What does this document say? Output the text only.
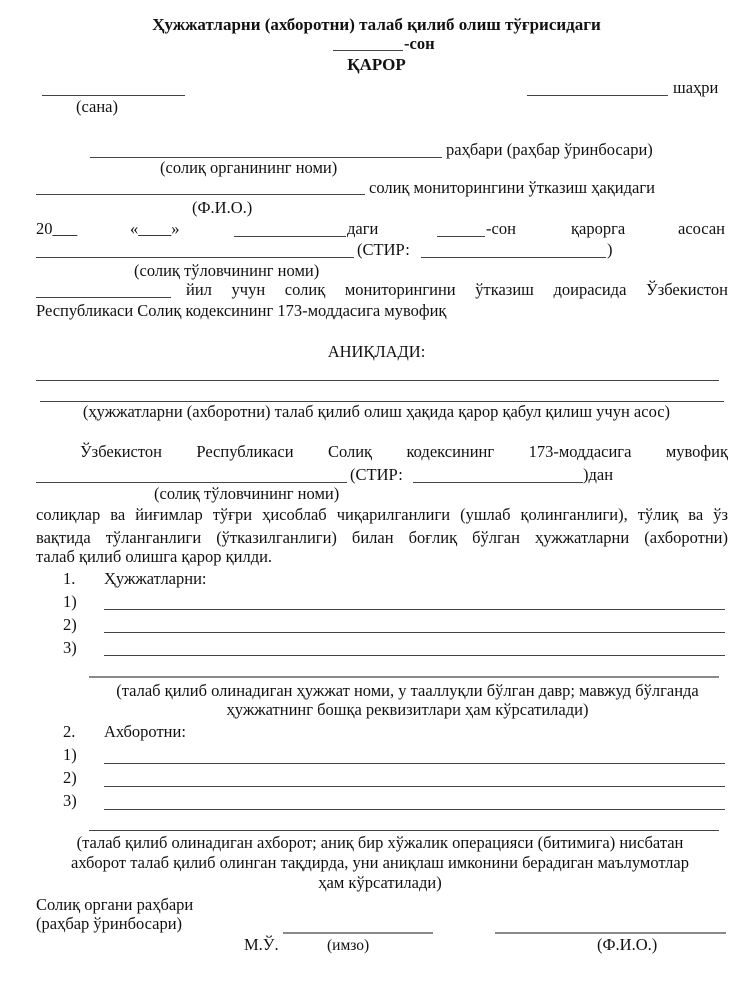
Ҳужжатларни (ахборотни) талаб қилиб олиш тўғрисидаги
-сон
ҚАРОР
(сана)
шаҳри
раҳбари (раҳбар ўринбосари)
(солиқ органининг номи)
солиқ мониторингини ўтказиш ҳақидаги
(Ф.И.О.)
20___	«____»	даги	-сон	қарорга	асосан
(СТИР:	)
(солиқ тўловчининг номи)
йил учун солиқ мониторингини ўтказиш доирасида Ўзбекистон
Республикаси Солиқ кодексининг 173-моддасига мувофиқ
АНИҚЛАДИ:
(ҳужжатларни (ахборотни) талаб қилиб олиш ҳақида қарор қабул қилиш учун асос)
Ўзбекистон Республикаси Солиқ кодексининг 173-моддасига мувофиқ
(СТИР:	)дан
(солиқ тўловчининг номи)
солиқлар ва йиғимлар тўғри ҳисоблаб чиқарилганлиги (ушлаб қолинганлиги), тўлиқ ва ўз
вақтида тўланганлиги (ўтказилганлиги) билан боғлиқ бўлган ҳужжатларни (ахборотни)
талаб қилиб олишга қарор қилди.
1. Ҳужжатларни:
1)
2)
3)
(талаб қилиб олинадиган ҳужжат номи, у тааллуқли бўлган давр; мавжуд бўлганда
ҳужжатнинг бошқа реквизитлари ҳам кўрсатилади)
2. Ахборотни:
1)
2)
3)
(талаб қилиб олинадиган ахборот; аниқ бир хўжалик операцияси (битимига) нисбатан
ахборот талаб қилиб олинган тақдирда, уни аниқлаш имконини берадиган маълумотлар
ҳам кўрсатилади)
Солиқ органи раҳбари
(раҳбар ўринбосари)
М.Ў.	(имзо)	(Ф.И.О.)
